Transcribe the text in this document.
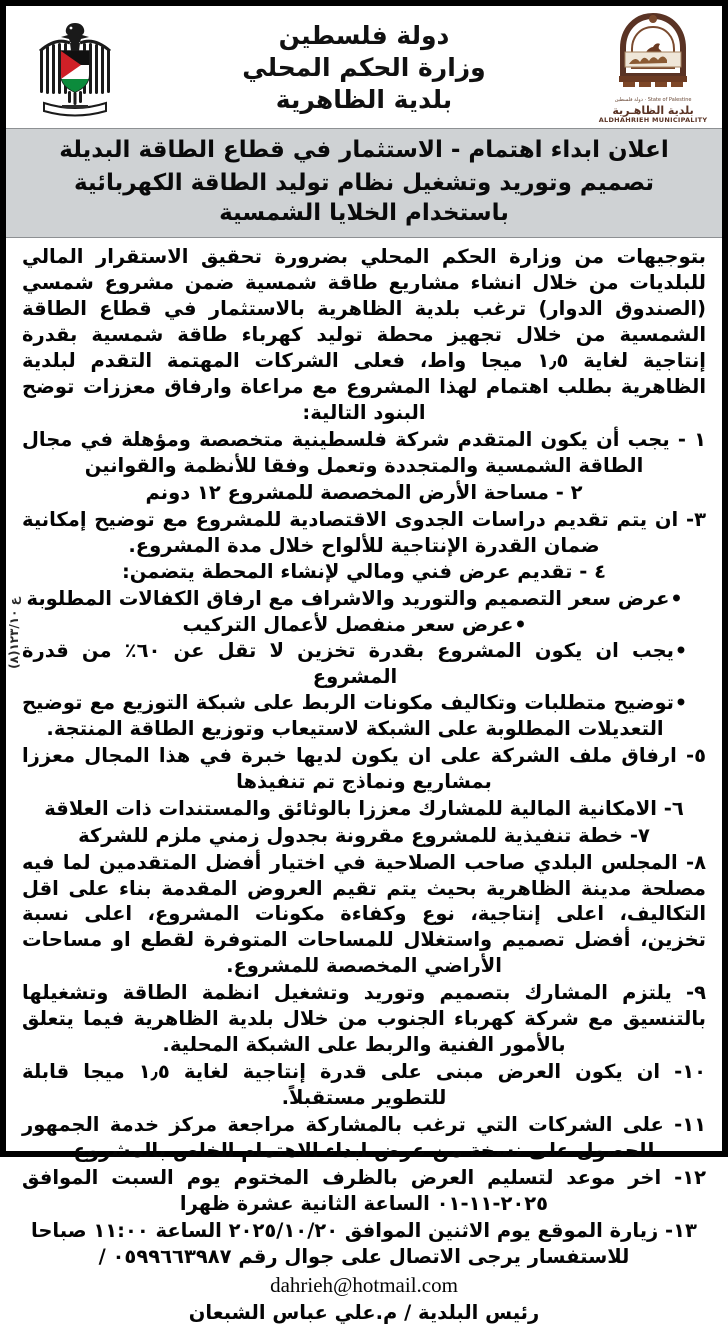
State of Palestine · دولة فلسطين
بلدية الظاهـرية
ALDHAHRIEH MUNICIPALITY
دولة فلسطين
وزارة الحكم المحلي
بلدية الظاهرية
اعلان ابداء اهتمام - الاستثمار في قطاع الطاقة البديلة
تصميم وتوريد وتشغيل نظام توليد الطاقة الكهربائية باستخدام الخلايا الشمسية
ع ١٢٣/١٠(٨)

بتوجيهات من وزارة الحكم المحلي بضرورة تحقيق الاستقرار المالي للبلديات من خلال انشاء مشاريع طاقة شمسية ضمن مشروع شمسي (الصندوق الدوار) ترغب بلدية الظاهرية بالاستثمار في قطاع الطاقة الشمسية من خلال تجهيز محطة توليد كهرباء طاقة شمسية بقدرة إنتاجية لغاية ١٫٥ ميجا واط، فعلى الشركات المهتمة التقدم لبلدية الظاهرية بطلب اهتمام لهذا المشروع مع مراعاة وارفاق معززات توضح البنود التالية:

١ - يجب أن يكون المتقدم شركة فلسطينية متخصصة ومؤهلة في مجال الطاقة الشمسية والمتجددة وتعمل وفقا للأنظمة والقوانين

٢ - مساحة الأرض المخصصة للمشروع ١٢ دونم

٣- ان يتم تقديم دراسات الجدوى الاقتصادية للمشروع مع توضيح إمكانية ضمان القدرة الإنتاجية للألواح خلال مدة المشروع.

٤ - تقديم عرض فني ومالي لإنشاء المحطة يتضمن:

•عرض سعر التصميم والتوريد والاشراف مع ارفاق الكفالات المطلوبة
•عرض سعر منفصل لأعمال التركيب
•يجب ان يكون المشروع بقدرة تخزين لا تقل عن ٦٠٪ من قدرة المشروع
•توضيح متطلبات وتكاليف مكونات الربط على شبكة التوزيع مع توضيح التعديلات المطلوبة على الشبكة لاستيعاب وتوزيع الطاقة المنتجة.

٥- ارفاق ملف الشركة على ان يكون لديها خبرة في هذا المجال معززا بمشاريع ونماذج تم تنفيذها

٦- الامكانية المالية للمشارك معززا بالوثائق والمستندات ذات العلاقة

٧- خطة تنفيذية للمشروع مقرونة بجدول زمني ملزم للشركة

٨- المجلس البلدي صاحب الصلاحية في اختيار أفضل المتقدمين لما فيه مصلحة مدينة الظاهرية بحيث يتم تقيم العروض المقدمة بناء على اقل التكاليف، اعلى إنتاجية، نوع وكفاءة مكونات المشروع، اعلى نسبة تخزين، أفضل تصميم واستغلال للمساحات المتوفرة لقطع او مساحات الأراضي المخصصة للمشروع.

٩- يلتزم المشارك بتصميم وتوريد وتشغيل انظمة الطاقة وتشغيلها بالتنسيق مع شركة كهرباء الجنوب من خلال بلدية الظاهرية فيما يتعلق بالأمور الفنية والربط على الشبكة المحلية.

١٠- ان يكون العرض مبنى على قدرة إنتاجية لغاية ١٫٥ ميجا قابلة للتطوير مستقبلاً.

١١- على الشركات التي ترغب بالمشاركة مراجعة مركز خدمة الجمهور للحصول على نسخة من عرض ابداء الاهتمام الخاص بالمشروع

١٢- اخر موعد لتسليم العرض بالظرف المختوم يوم السبت الموافق ٢٠٢٥-١١-٠١ الساعة الثانية عشرة ظهرا

١٣- زيارة الموقع يوم الاثنين الموافق ٢٠٢٥/١٠/٢٠ الساعة ١١:٠٠ صباحا

للاستفسار يرجى الاتصال على جوال رقم ٠٥٩٩٦٦٣٩٨٧ / dahrieh@hotmail.com

رئيس البلدية / م.علي عباس الشبعان
